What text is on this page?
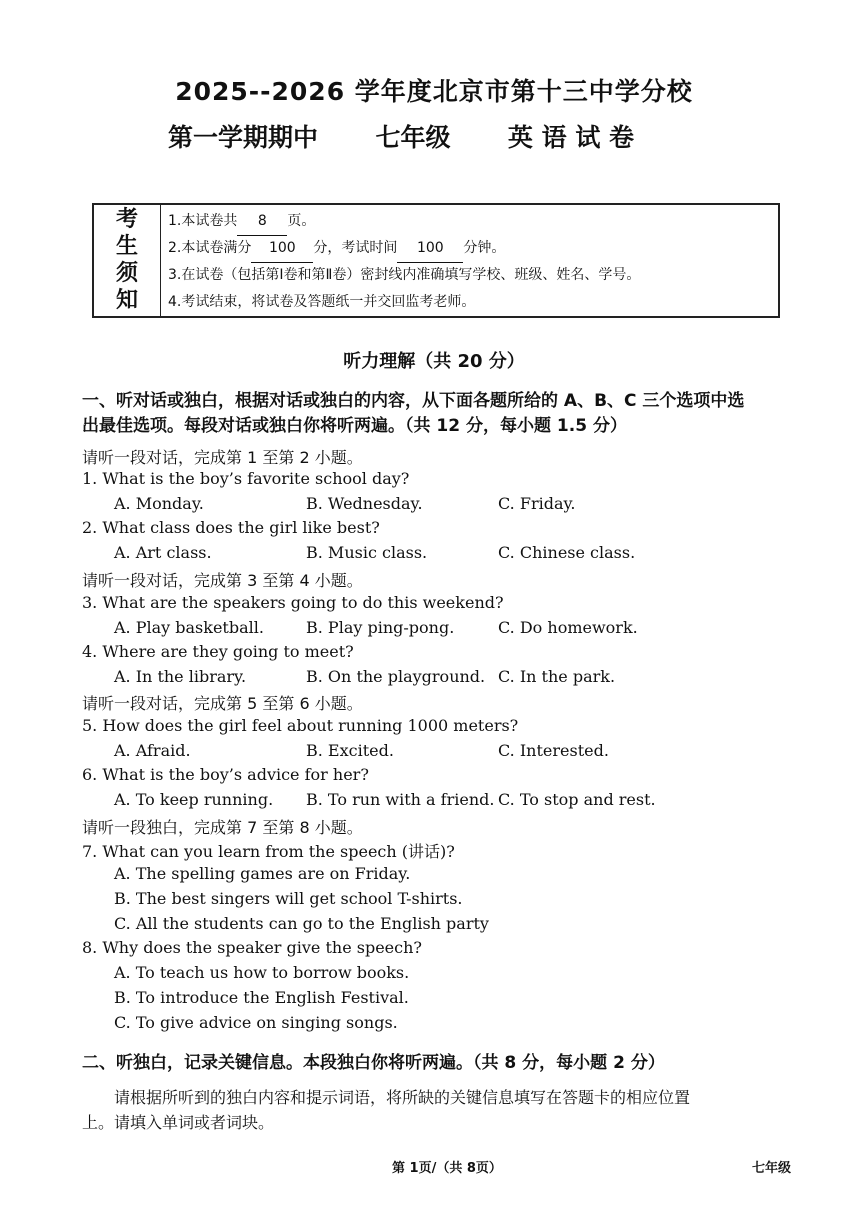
2025--2026 学年度北京市第十三中学分校
第一学期期中 七年级 英 语 试 卷
考
生
须
知
1.本试卷共 8 页。
2.本试卷满分 100 分，考试时间 100 分钟。
3.在试卷（包括第Ⅰ卷和第Ⅱ卷）密封线内准确填写学校、班级、姓名、学号。
4.考试结束，将试卷及答题纸一并交回监考老师。
听力理解（共 20 分）
一、听对话或独白，根据对话或独白的内容，从下面各题所给的 A、B、C 三个选项中选
出最佳选项。每段对话或独白你将听两遍。（共 12 分，每小题 1.5 分）
请听一段对话，完成第 1 至第 2 小题。
1. What is the boy’s favorite school day?
A. Monday.	B. Wednesday.	C. Friday.
2. What class does the girl like best?
A. Art class.	B. Music class.	C. Chinese class.
请听一段对话，完成第 3 至第 4 小题。
3. What are the speakers going to do this weekend?
A. Play basketball.	B. Play ping-pong.	C. Do homework.
4. Where are they going to meet?
A. In the library.	B. On the playground. C. In the park.
请听一段对话，完成第 5 至第 6 小题。
5. How does the girl feel about running 1000 meters?
A. Afraid.	B. Excited.	C. Interested.
6. What is the boy’s advice for her?
A. To keep running. B. To run with a friend. C. To stop and rest.
请听一段独白，完成第 7 至第 8 小题。
7. What can you learn from the speech (讲话)?
A. The spelling games are on Friday.
B. The best singers will get school T-shirts.
C. All the students can go to the English party
8. Why does the speaker give the speech?
A. To teach us how to borrow books.
B. To introduce the English Festival.
C. To give advice on singing songs.
二、听独白，记录关键信息。本段独白你将听两遍。（共 8 分，每小题 2 分）
请根据所听到的独白内容和提示词语，将所缺的关键信息填写在答题卡的相应位置
上。请填入单词或者词块。
第 1页/（共 8页）	七年级
